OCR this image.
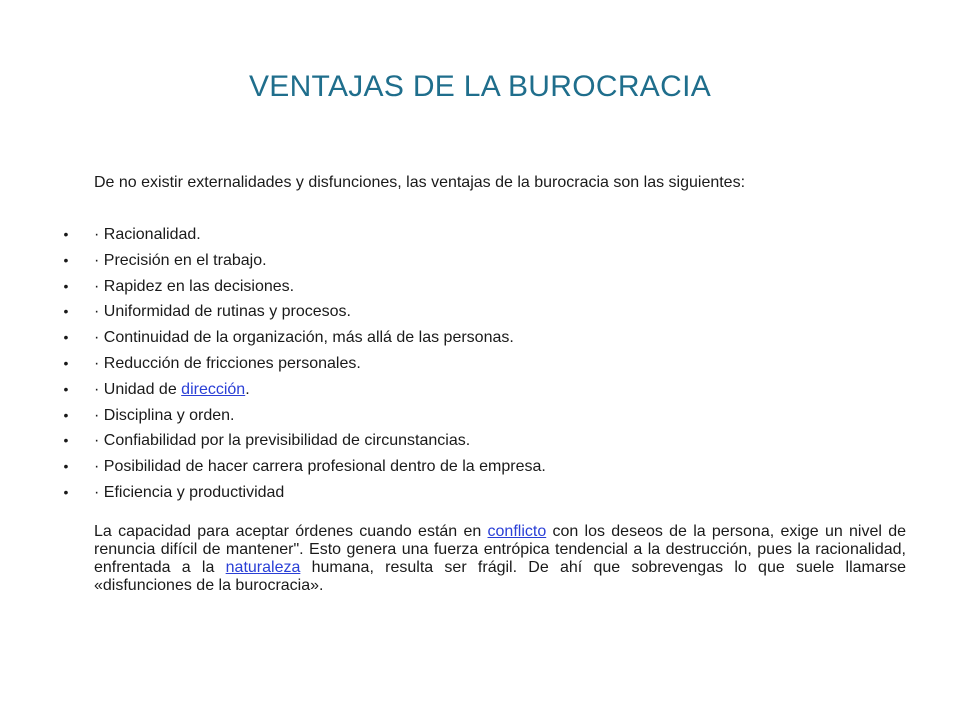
VENTAJAS DE LA BUROCRACIA
De no existir externalidades y disfunciones, las ventajas de la burocracia son las siguientes:
• · Racionalidad.
• · Precisión en el trabajo.
• · Rapidez en las decisiones.
• · Uniformidad de rutinas y procesos.
• · Continuidad de la organización, más allá de las personas.
• · Reducción de fricciones personales.
• · Unidad de dirección.
• · Disciplina y orden.
• · Confiabilidad por la previsibilidad de circunstancias.
• · Posibilidad de hacer carrera profesional dentro de la empresa.
• · Eficiencia y productividad
La capacidad para aceptar órdenes cuando están en conflicto con los deseos de la persona, exige un nivel de renuncia difícil de mantener". Esto genera una fuerza entrópica tendencial a la destrucción, pues la racionalidad, enfrentada a la naturaleza humana, resulta ser frágil. De ahí que sobrevengas lo que suele llamarse «disfunciones de la burocracia».
